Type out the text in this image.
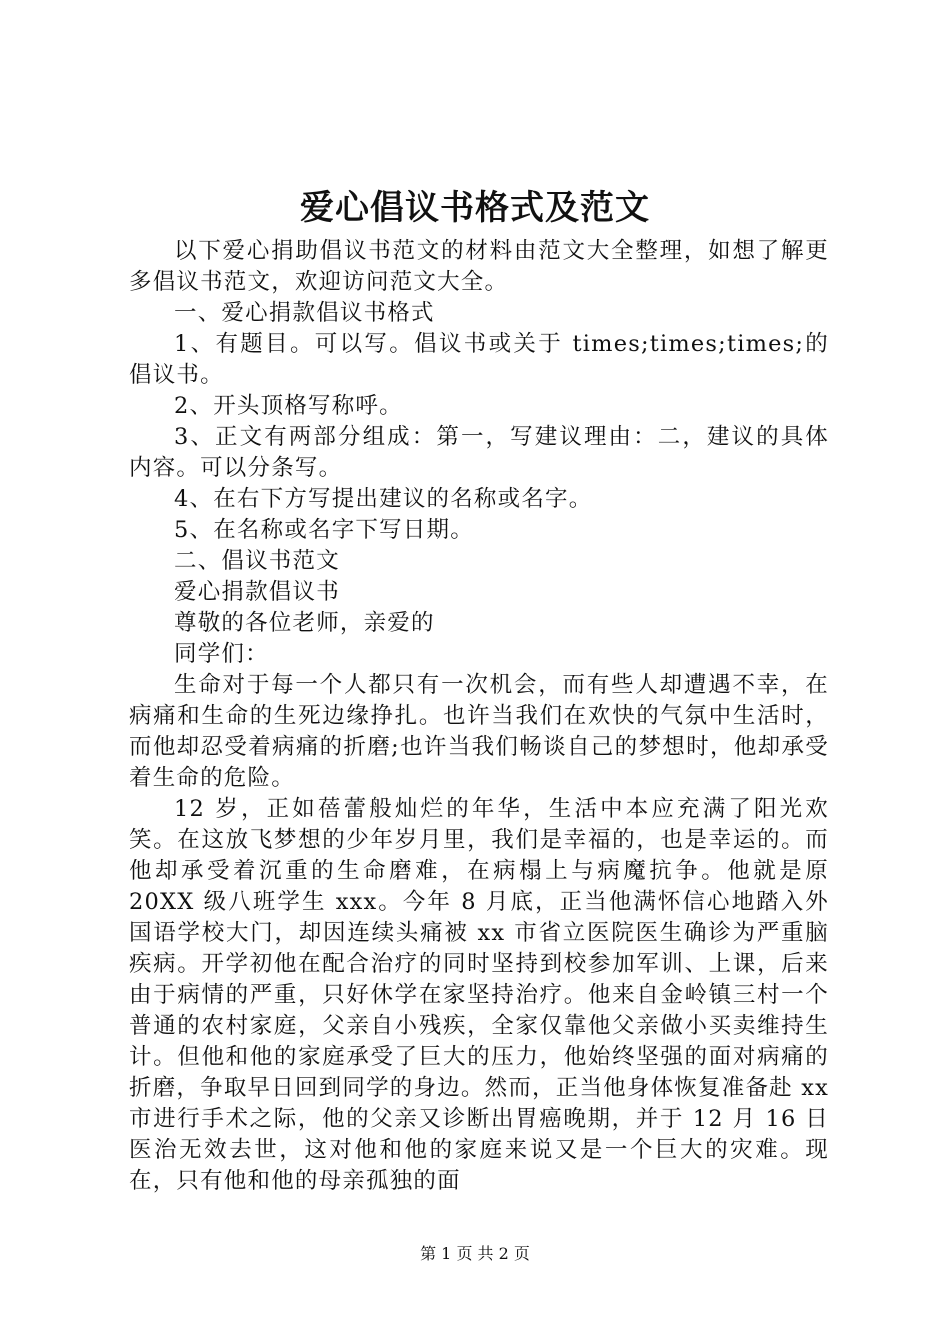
爱心倡议书格式及范文

以下爱心捐助倡议书范文的材料由范文大全整理，如想了解更多倡议书范文，欢迎访问范文大全。

一、爱心捐款倡议书格式

1、有题目。可以写。倡议书或关于 times;times;times;的倡议书。

2、开头顶格写称呼。

3、正文有两部分组成：第一，写建议理由：二，建议的具体内容。可以分条写。

4、在右下方写提出建议的名称或名字。

5、在名称或名字下写日期。

二、倡议书范文

爱心捐款倡议书

尊敬的各位老师，亲爱的

同学们：

生命对于每一个人都只有一次机会，而有些人却遭遇不幸，在病痛和生命的生死边缘挣扎。也许当我们在欢快的气氛中生活时，而他却忍受着病痛的折磨;也许当我们畅谈自己的梦想时，他却承受着生命的危险。

12 岁，正如蓓蕾般灿烂的年华，生活中本应充满了阳光欢笑。在这放飞梦想的少年岁月里，我们是幸福的，也是幸运的。而他却承受着沉重的生命磨难，在病榻上与病魔抗争。他就是原 20XX 级八班学生 xxx。今年 8 月底，正当他满怀信心地踏入外国语学校大门，却因连续头痛被 xx 市省立医院医生确诊为严重脑疾病。开学初他在配合治疗的同时坚持到校参加军训、上课，后来由于病情的严重，只好休学在家坚持治疗。他来自金岭镇三村一个普通的农村家庭，父亲自小残疾，全家仅靠他父亲做小买卖维持生计。但他和他的家庭承受了巨大的压力，他始终坚强的面对病痛的折磨，争取早日回到同学的身边。然而，正当他身体恢复准备赴 xx 市进行手术之际，他的父亲又诊断出胃癌晚期，并于 12 月 16 日医治无效去世，这对他和他的家庭来说又是一个巨大的灾难。现在，只有他和他的母亲孤独的面

第 1 页 共 2 页
